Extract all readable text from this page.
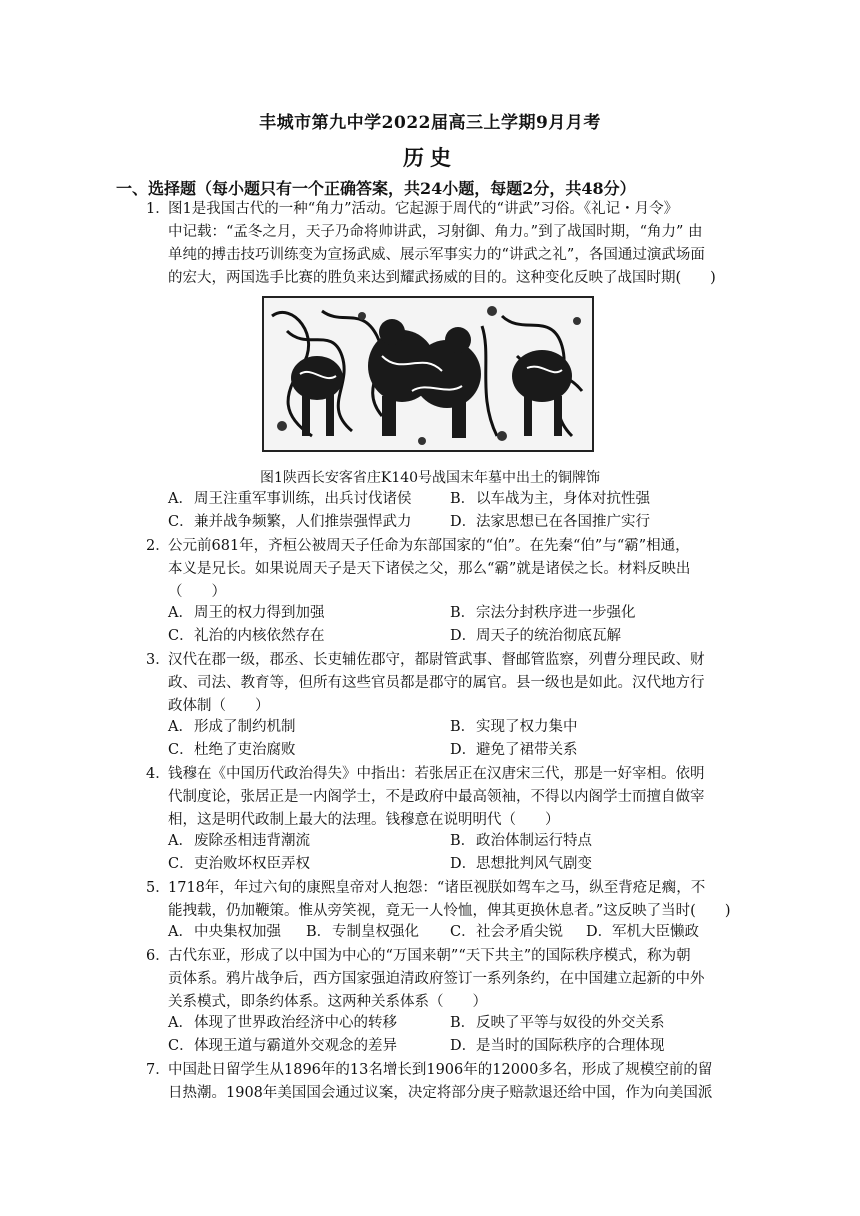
丰城市第九中学2022届高三上学期9月月考
历史
一、选择题（每小题只有一个正确答案，共24小题，每题2分，共48分）
1．
图1是我国古代的一种“角力”活动。它起源于周代的“讲武”习俗。《礼记・月令》
中记载：“孟冬之月，天子乃命将帅讲武，习射御、角力。”到了战国时期，“角力” 由
单纯的搏击技巧训练变为宣扬武威、展示军事实力的“讲武之礼”，各国通过演武场面
的宏大，两国选手比赛的胜负来达到耀武扬威的目的。这种变化反映了战国时期(　　)
图1陕西长安客省庄K140号战国末年墓中出土的铜牌饰
A．周王注重军事训练，出兵讨伐诸侯	B．以车战为主，身体对抗性强
C．兼并战争频繁，人们推崇强悍武力	D．法家思想已在各国推广实行
2．
公元前681年，齐桓公被周天子任命为东部国家的“伯”。在先秦“伯”与“霸”相通，
本义是兄长。如果说周天子是天下诸侯之父，那么“霸”就是诸侯之长。材料反映出
（　　）
A．周王的权力得到加强	B．宗法分封秩序进一步强化
C．礼治的内核依然存在	D．周天子的统治彻底瓦解
3．
汉代在郡一级，郡丞、长吏辅佐郡守，都尉管武事、督邮管监察，列曹分理民政、财
政、司法、教育等，但所有这些官员都是郡守的属官。县一级也是如此。汉代地方行
政体制（　　）
A．形成了制约机制	B．实现了权力集中
C．杜绝了吏治腐败	D．避免了裙带关系
4．
钱穆在《中国历代政治得失》中指出：若张居正在汉唐宋三代，那是一好宰相。依明
代制度论，张居正是一内阁学士，不是政府中最高领袖，不得以内阁学士而擅自做宰
相，这是明代政制上最大的法理。钱穆意在说明明代（　　）
A．废除丞相违背潮流	B．政治体制运行特点
C．吏治败坏权臣弄权	D．思想批判风气剧变
5．
1718年，年过六旬的康熙皇帝对人抱怨：“诸臣视朕如驾车之马，纵至背疮足瘸，不
能拽载，仍加鞭策。惟从旁笑视，竟无一人怜恤，俾其更换休息者。”这反映了当时(　　)
A．中央集权加强 B．专制皇权强化 C．社会矛盾尖锐 D．军机大臣懒政
6．
古代东亚，形成了以中国为中心的“万国来朝”“天下共主”的国际秩序模式，称为朝
贡体系。鸦片战争后，西方国家强迫清政府签订一系列条约，在中国建立起新的中外
关系模式，即条约体系。这两种关系体系（　　）
A．体现了世界政治经济中心的转移	B．反映了平等与奴役的外交关系
C．体现王道与霸道外交观念的差异	D．是当时的国际秩序的合理体现
7．
中国赴日留学生从1896年的13名增长到1906年的12000多名，形成了规模空前的留
日热潮。1908年美国国会通过议案，决定将部分庚子赔款退还给中国，作为向美国派
